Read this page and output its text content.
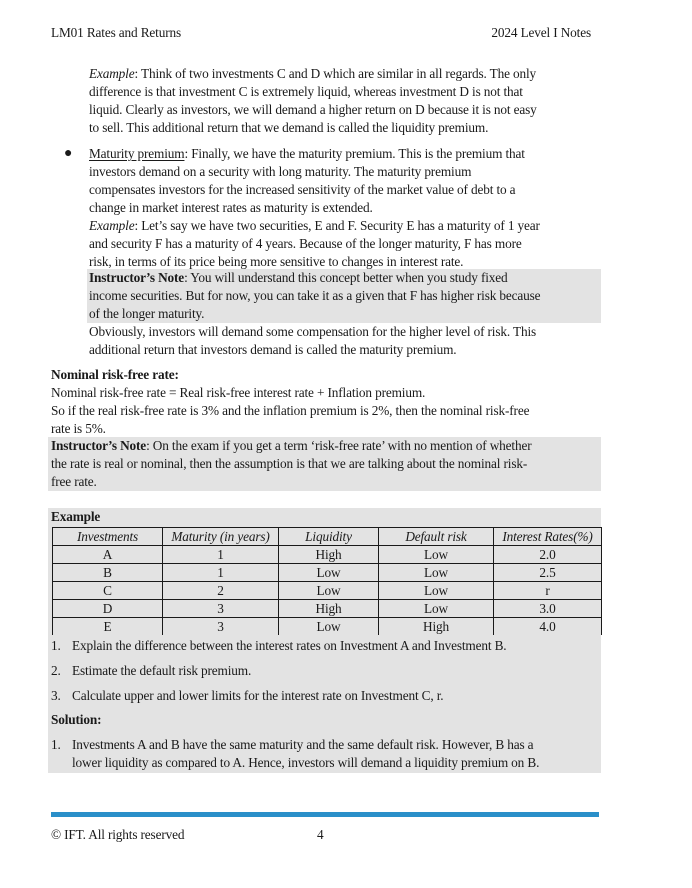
LM01 Rates and Returns	2024 Level I Notes
Example: Think of two investments C and D which are similar in all regards. The only
difference is that investment C is extremely liquid, whereas investment D is not that
liquid. Clearly as investors, we will demand a higher return on D because it is not easy
to sell. This additional return that we demand is called the liquidity premium.
● Maturity premium: Finally, we have the maturity premium. This is the premium that
investors demand on a security with long maturity. The maturity premium
compensates investors for the increased sensitivity of the market value of debt to a
change in market interest rates as maturity is extended.
Example: Let’s say we have two securities, E and F. Security E has a maturity of 1 year
and security F has a maturity of 4 years. Because of the longer maturity, F has more
risk, in terms of its price being more sensitive to changes in interest rate.
Instructor’s Note: You will understand this concept better when you study fixed
income securities. But for now, you can take it as a given that F has higher risk because
of the longer maturity.
Obviously, investors will demand some compensation for the higher level of risk. This
additional return that investors demand is called the maturity premium.
Nominal risk-free rate:
Nominal risk-free rate = Real risk-free interest rate + Inflation premium.
So if the real risk-free rate is 3% and the inflation premium is 2%, then the nominal risk-free
rate is 5%.
Instructor’s Note: On the exam if you get a term ‘risk-free rate’ with no mention of whether
the rate is real or nominal, then the assumption is that we are talking about the nominal risk-
free rate.
Example
Investments	Maturity (in years)	Liquidity	Default risk	Interest Rates(%)
A	1	High	Low	2.0
B	1	Low	Low	2.5
C	2	Low	Low	r
D	3	High	Low	3.0
E	3	Low	High	4.0
1. Explain the difference between the interest rates on Investment A and Investment B.
2. Estimate the default risk premium.
3. Calculate upper and lower limits for the interest rate on Investment C, r.
Solution:
1. Investments A and B have the same maturity and the same default risk. However, B has a
lower liquidity as compared to A. Hence, investors will demand a liquidity premium on B.
© IFT. All rights reserved	4
